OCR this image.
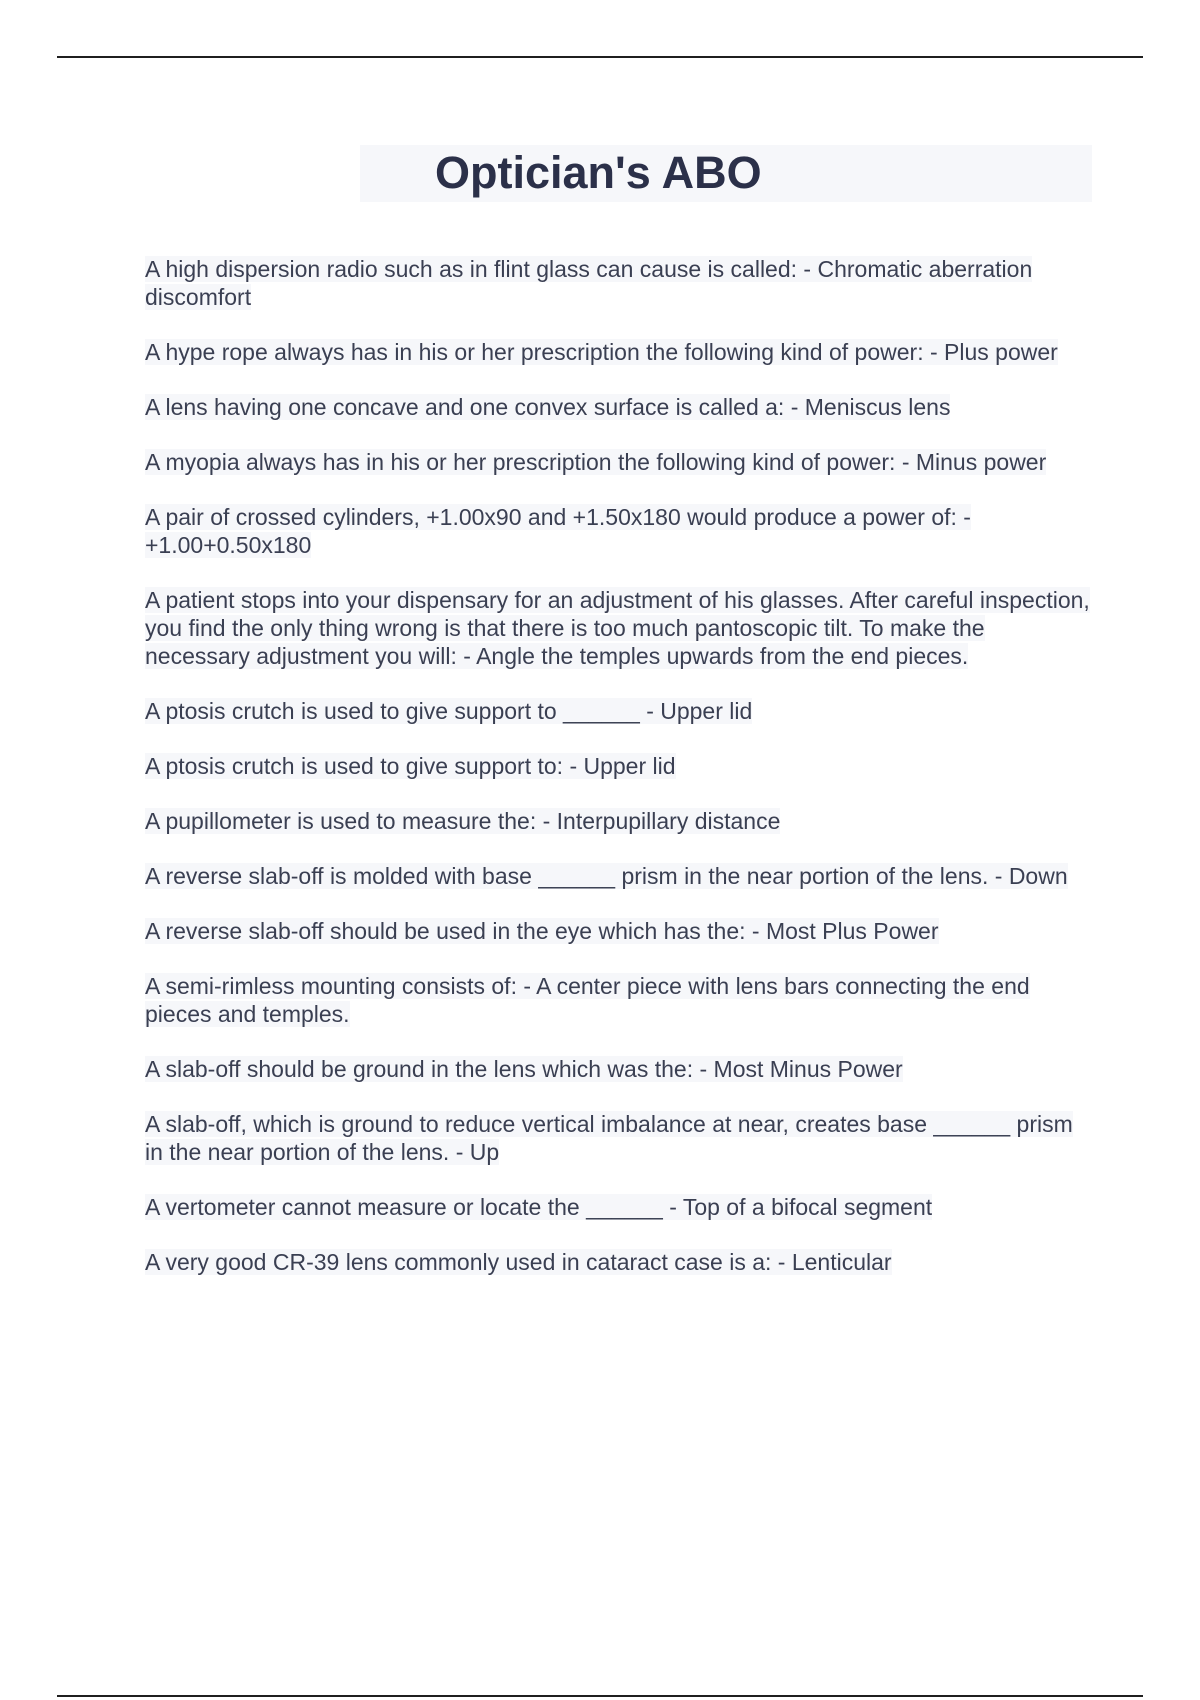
Optician's ABO
A high dispersion radio such as in flint glass can cause is called: - Chromatic aberration discomfort
A hype rope always has in his or her prescription the following kind of power: - Plus power
A lens having one concave and one convex surface is called a: - Meniscus lens
A myopia always has in his or her prescription the following kind of power: - Minus power
A pair of crossed cylinders, +1.00x90 and +1.50x180 would produce a power of: - +1.00+0.50x180
A patient stops into your dispensary for an adjustment of his glasses. After careful inspection, you find the only thing wrong is that there is too much pantoscopic tilt. To make the necessary adjustment you will: - Angle the temples upwards from the end pieces.
A ptosis crutch is used to give support to ______ - Upper lid
A ptosis crutch is used to give support to: - Upper lid
A pupillometer is used to measure the: - Interpupillary distance
A reverse slab-off is molded with base ______ prism in the near portion of the lens. - Down
A reverse slab-off should be used in the eye which has the: - Most Plus Power
A semi-rimless mounting consists of: - A center piece with lens bars connecting the end pieces and temples.
A slab-off should be ground in the lens which was the: - Most Minus Power
A slab-off, which is ground to reduce vertical imbalance at near, creates base ______ prism in the near portion of the lens. - Up
A vertometer cannot measure or locate the ______ - Top of a bifocal segment
A very good CR-39 lens commonly used in cataract case is a: - Lenticular
